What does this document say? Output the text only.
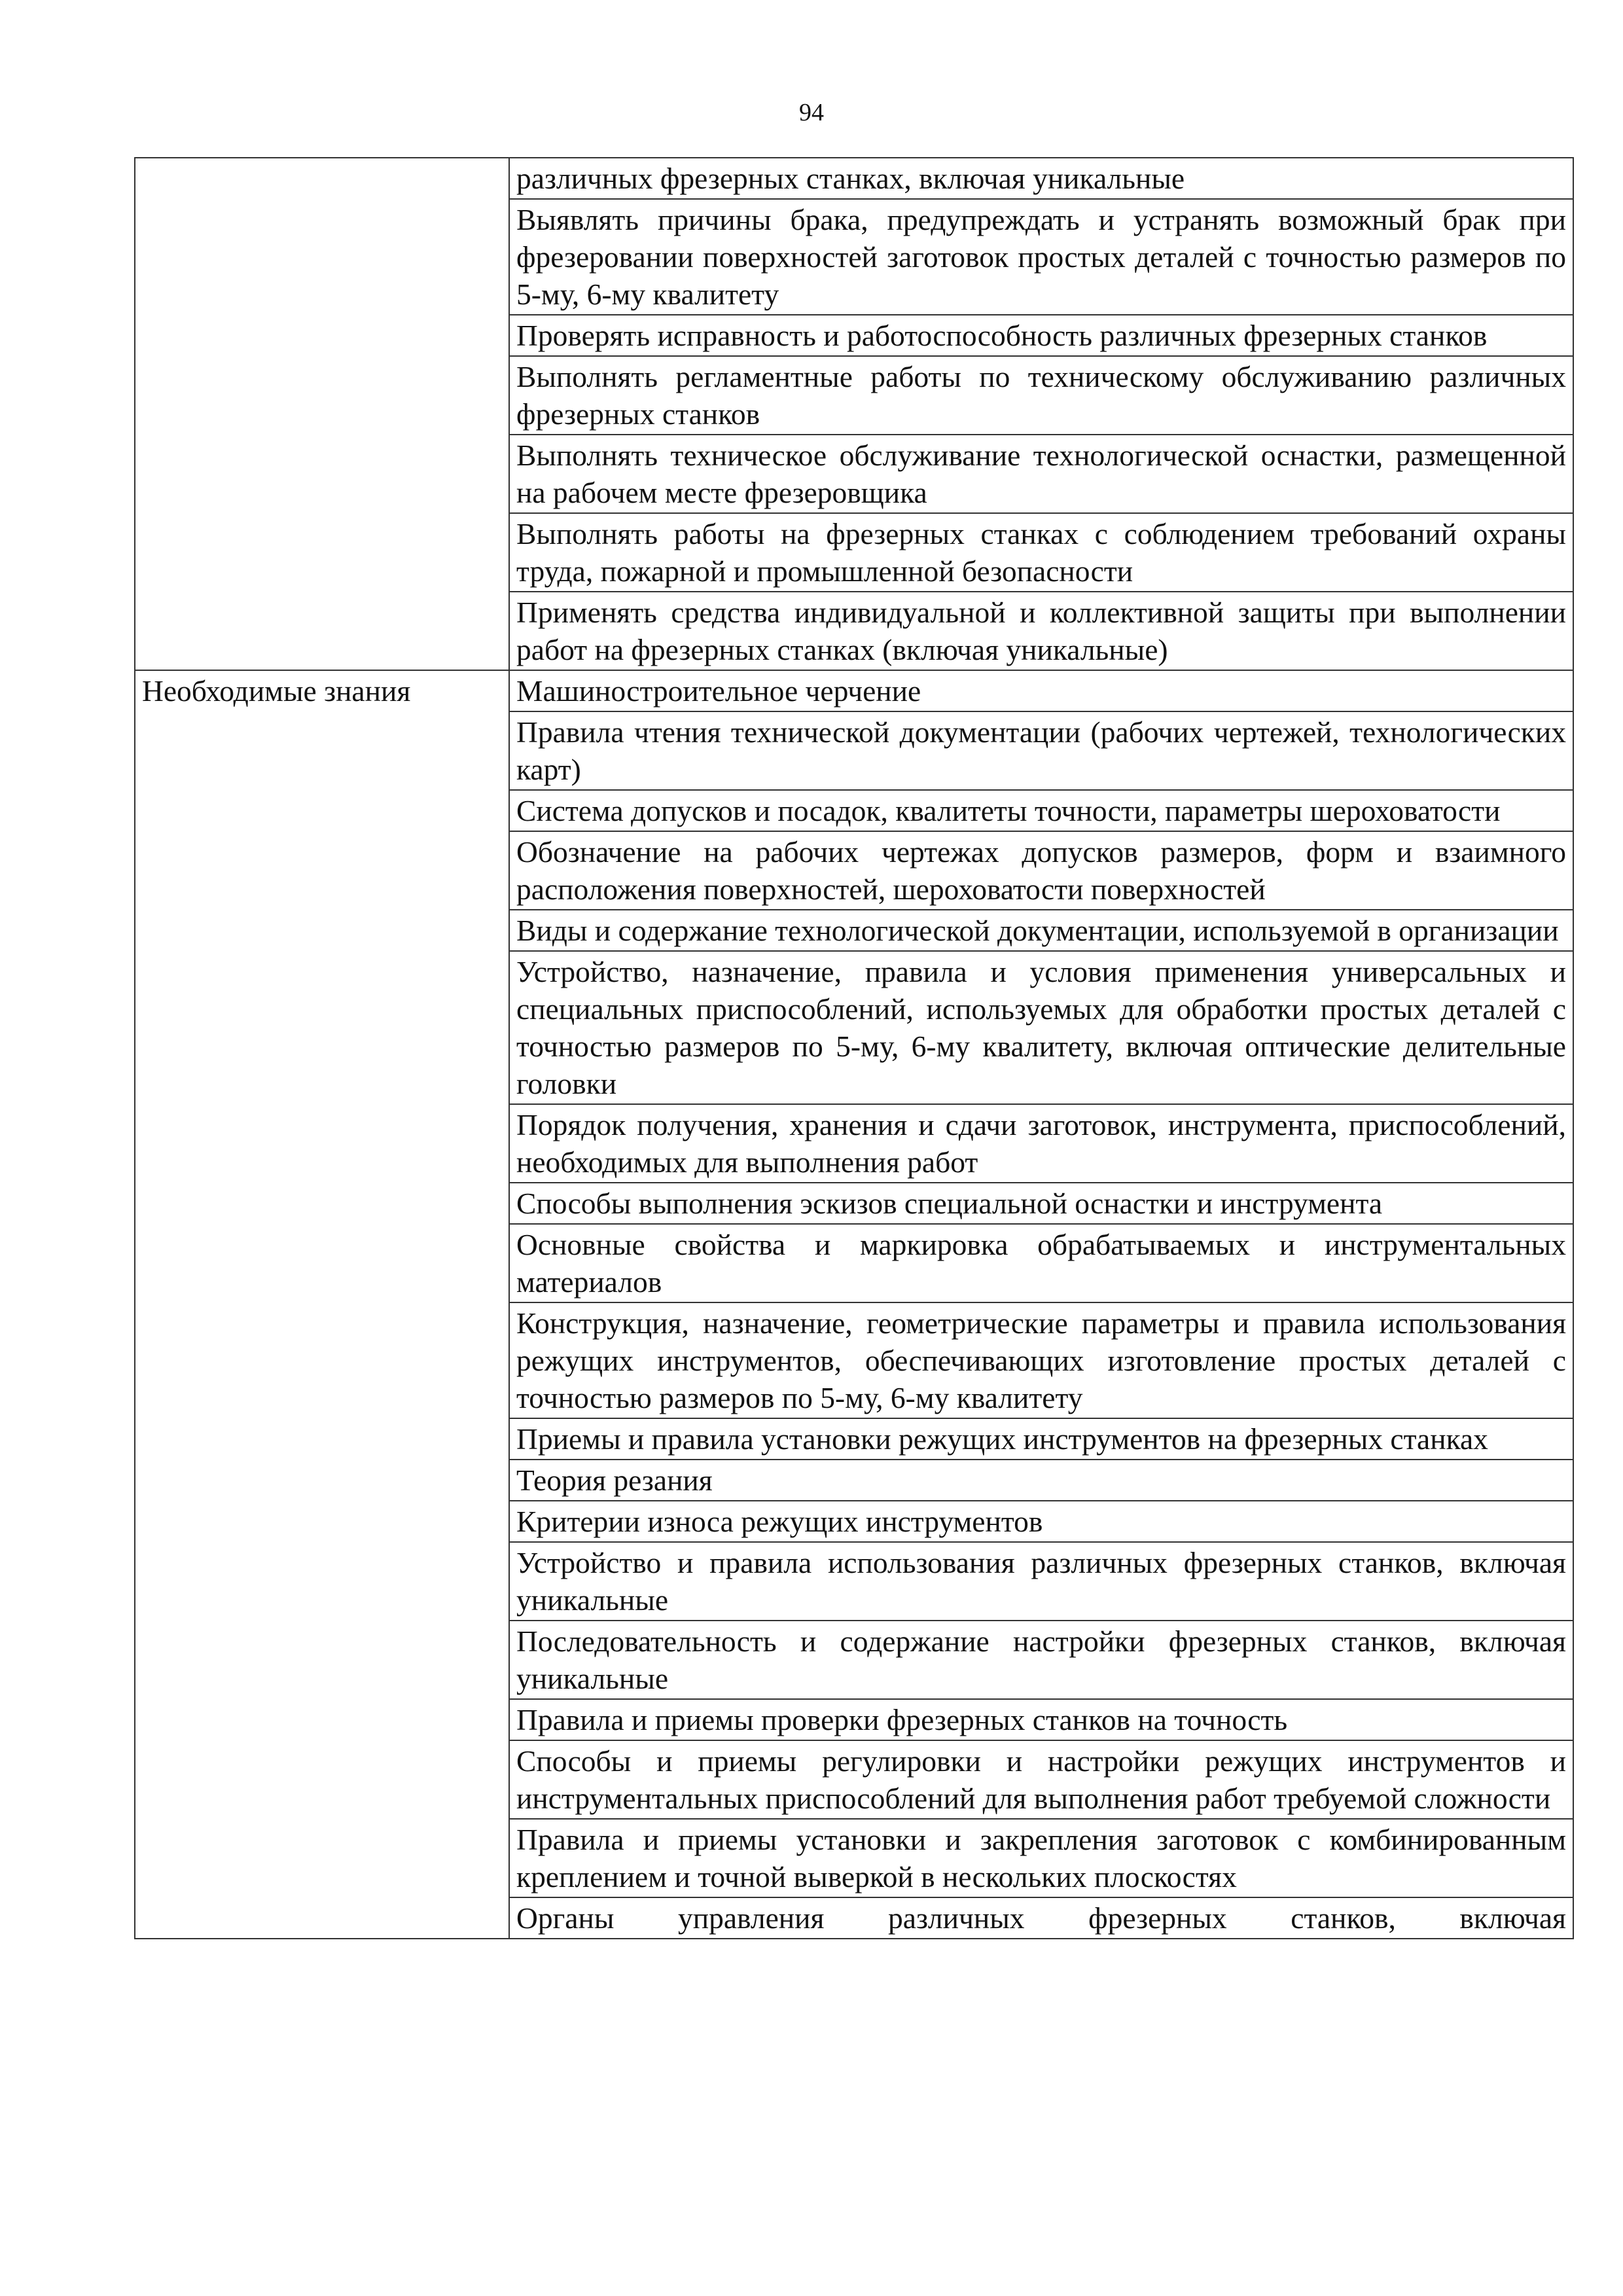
94
	различных фрезерных станках, включая уникальные
	Выявлять причины брака, предупреждать и устранять возможный брак при фрезеровании поверхностей заготовок простых деталей с точностью размеров по 5-му, 6-му квалитету
	Проверять исправность и работоспособность различных фрезерных станков
	Выполнять регламентные работы по техническому обслуживанию различных фрезерных станков
	Выполнять техническое обслуживание технологической оснастки, размещенной на рабочем месте фрезеровщика
	Выполнять работы на фрезерных станках с соблюдением требований охраны труда, пожарной и промышленной безопасности
	Применять средства индивидуальной и коллективной защиты при выполнении работ на фрезерных станках (включая уникальные)
Необходимые знания	Машиностроительное черчение
	Правила чтения технической документации (рабочих чертежей, технологических карт)
	Система допусков и посадок, квалитеты точности, параметры шероховатости
	Обозначение на рабочих чертежах допусков размеров, форм и взаимного расположения поверхностей, шероховатости поверхностей
	Виды и содержание технологической документации, используемой в организации
	Устройство, назначение, правила и условия применения универсальных и специальных приспособлений, используемых для обработки простых деталей с точностью размеров по 5-му, 6-му квалитету, включая оптические делительные головки
	Порядок получения, хранения и сдачи заготовок, инструмента, приспособлений, необходимых для выполнения работ
	Способы выполнения эскизов специальной оснастки и инструмента
	Основные свойства и маркировка обрабатываемых и инструментальных материалов
	Конструкция, назначение, геометрические параметры и правила использования режущих инструментов, обеспечивающих изготовление простых деталей с точностью размеров по 5-му, 6-му квалитету
	Приемы и правила установки режущих инструментов на фрезерных станках
	Теория резания
	Критерии износа режущих инструментов
	Устройство и правила использования различных фрезерных станков, включая уникальные
	Последовательность и содержание настройки фрезерных станков, включая уникальные
	Правила и приемы проверки фрезерных станков на точность
	Способы и приемы регулировки и настройки режущих инструментов и инструментальных приспособлений для выполнения работ требуемой сложности
	Правила и приемы установки и закрепления заготовок с комбинированным креплением и точной выверкой в нескольких плоскостях
	Органы управления различных фрезерных станков, включая
